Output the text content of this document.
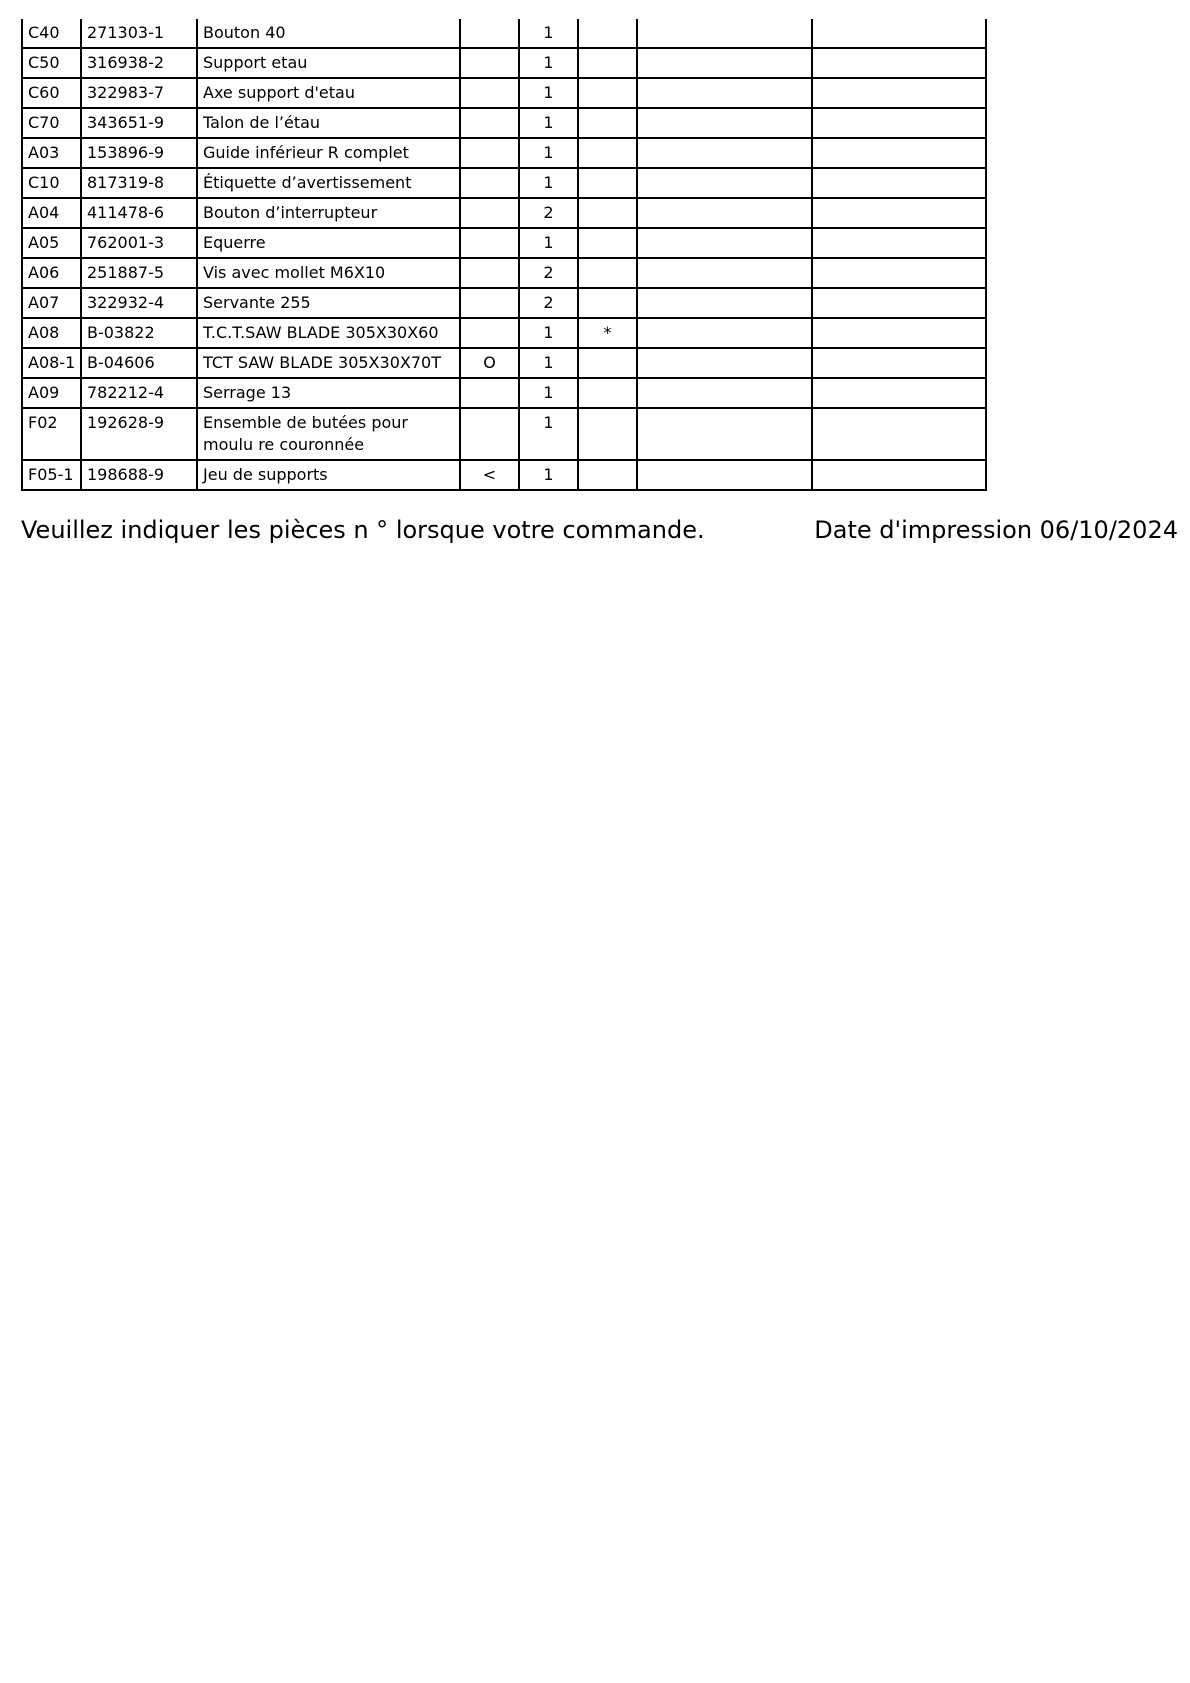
C40	271303-1	Bouton 40		1			
C50	316938-2	Support etau		1			
C60	322983-7	Axe support d'etau		1			
C70	343651-9	Talon de l’étau		1			
A03	153896-9	Guide inférieur R complet		1			
C10	817319-8	Étiquette d’avertissement		1			
A04	411478-6	Bouton d’interrupteur		2			
A05	762001-3	Equerre		1			
A06	251887-5	Vis avec mollet M6X10		2			
A07	322932-4	Servante 255		2			
A08	B-03822	T.C.T.SAW BLADE 305X30X60		1	*		
A08-1	B-04606	TCT SAW BLADE 305X30X70T	O	1			
A09	782212-4	Serrage 13		1			
F02	192628-9	Ensemble de butées pour moulu re couronnée		1			
F05-1	198688-9	Jeu de supports	<	1			
Veuillez indiquer les pièces n ° lorsque votre commande.	Date d'impression 06/10/2024
